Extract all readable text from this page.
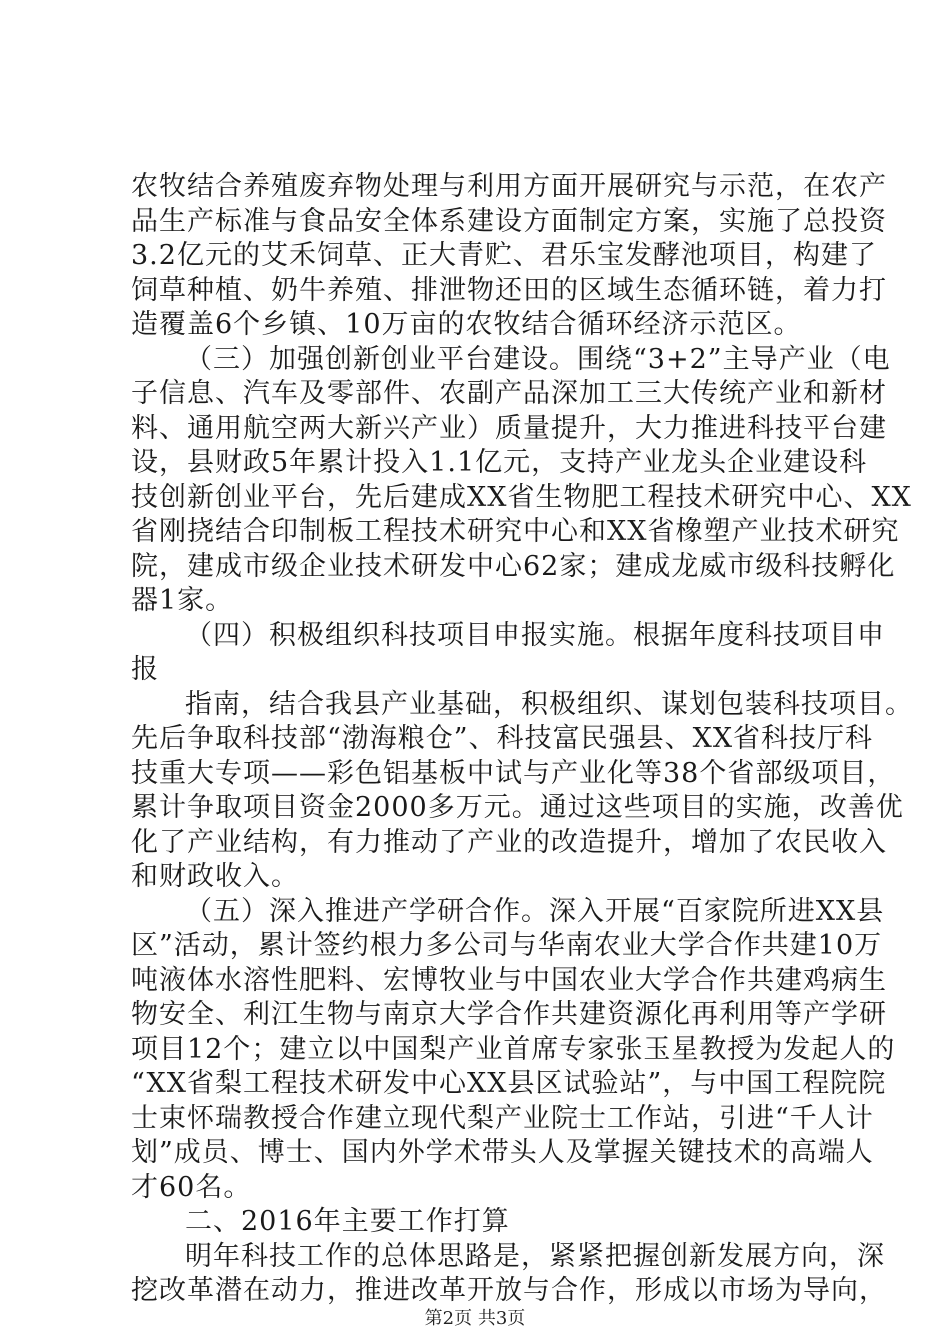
农牧结合养殖废弃物处理与利用方面开展研究与示范，在农产
品生产标准与食品安全体系建设方面制定方案，实施了总投资
3.2亿元的艾禾饲草、正大青贮、君乐宝发酵池项目，构建了
饲草种植、奶牛养殖、排泄物还田的区域生态循环链，着力打
造覆盖6个乡镇、10万亩的农牧结合循环经济示范区。
（三）加强创新创业平台建设。围绕“3+2”主导产业（电
子信息、汽车及零部件、农副产品深加工三大传统产业和新材
料、通用航空两大新兴产业）质量提升，大力推进科技平台建
设，县财政5年累计投入1.1亿元，支持产业龙头企业建设科
技创新创业平台，先后建成XX省生物肥工程技术研究中心、XX
省刚挠结合印制板工程技术研究中心和XX省橡塑产业技术研究
院，建成市级企业技术研发中心62家；建成龙威市级科技孵化
器1家。
（四）积极组织科技项目申报实施。根据年度科技项目申
报
指南，结合我县产业基础，积极组织、谋划包装科技项目。
先后争取科技部“渤海粮仓”、科技富民强县、XX省科技厅科
技重大专项——彩色铝基板中试与产业化等38个省部级项目，
累计争取项目资金2000多万元。通过这些项目的实施，改善优
化了产业结构，有力推动了产业的改造提升，增加了农民收入
和财政收入。
（五）深入推进产学研合作。深入开展“百家院所进XX县
区”活动，累计签约根力多公司与华南农业大学合作共建10万
吨液体水溶性肥料、宏博牧业与中国农业大学合作共建鸡病生
物安全、利江生物与南京大学合作共建资源化再利用等产学研
项目12个；建立以中国梨产业首席专家张玉星教授为发起人的
“XX省梨工程技术研发中心XX县区试验站”，与中国工程院院
士束怀瑞教授合作建立现代梨产业院士工作站，引进“千人计
划”成员、博士、国内外学术带头人及掌握关键技术的高端人
才60名。
二、2016年主要工作打算
明年科技工作的总体思路是，紧紧把握创新发展方向，深
挖改革潜在动力，推进改革开放与合作，形成以市场为导向，
第2页 共3页
